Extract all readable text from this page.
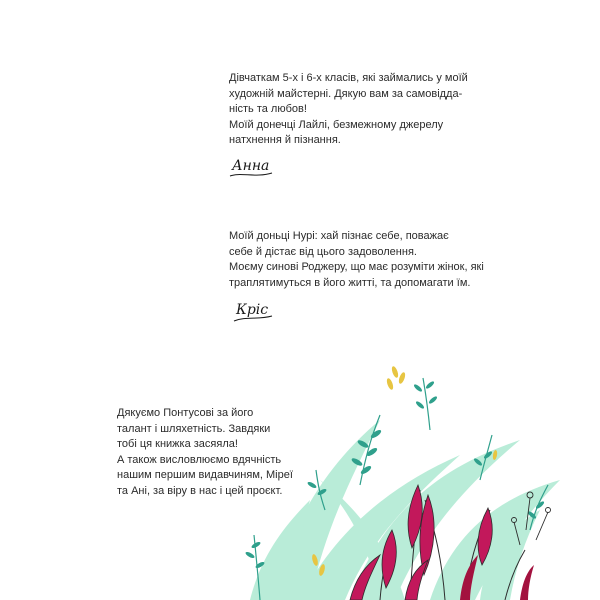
Дівчаткам 5-х і 6-х класів, які займались у моїй

художній майстерні. Дякую вам за самовідда-

ність та любов!

Моїй донечці Лайлі, безмежному джерелу

натхнення й пізнання.

Анна

Моїй доньці Нурі: хай пізнає себе, поважає

себе й дістає від цього задоволення.

Моєму синові Роджеру, що має розуміти жінок, які

траплятимуться в його житті, та допомагати їм.

Кріс

Дякуємо Понтусові за його

талант і шляхетність. Завдяки

тобі ця книжка засяяла!

А також висловлюємо вдячність

нашим першим видавчиням, Міреї

та Ані, за віру в нас і цей проєкт.
